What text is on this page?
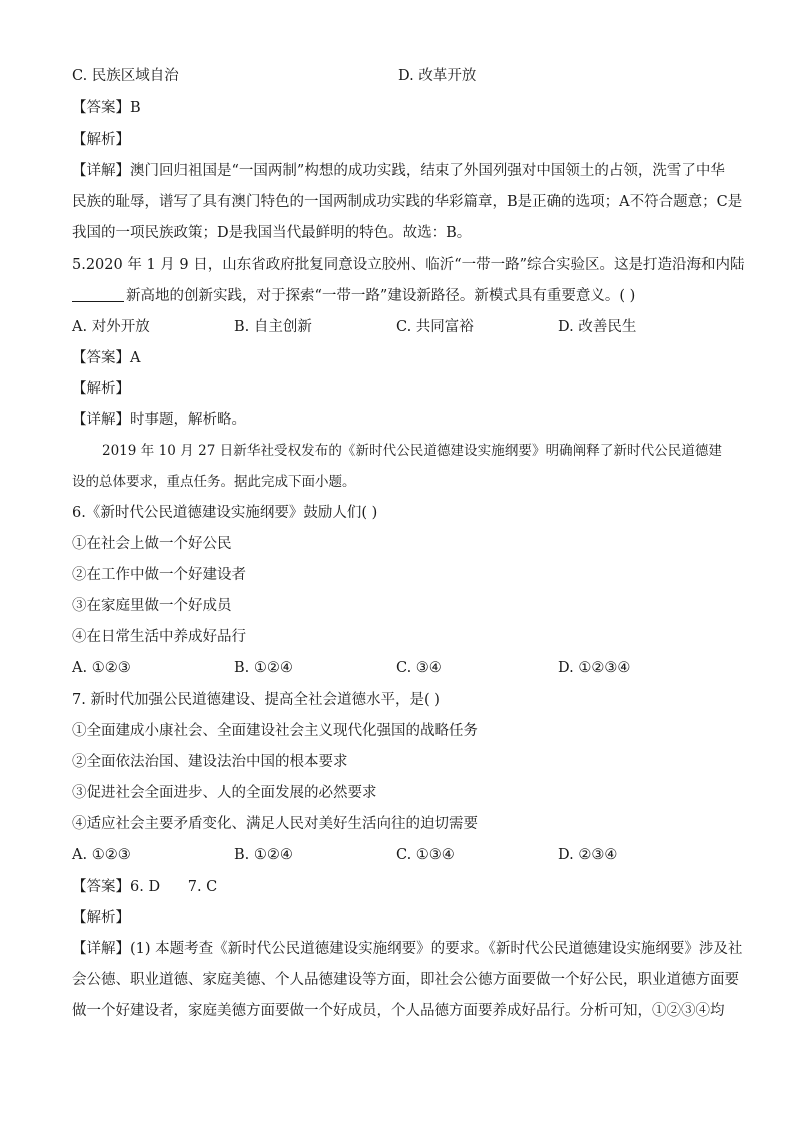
C. 民族区域自治	D. 改革开放
【答案】B
【解析】
【详解】澳门回归祖国是“一国两制”构想的成功实践，结束了外国列强对中国领土的占领，洗雪了中华
民族的耻辱，谱写了具有澳门特色的一国两制成功实践的华彩篇章，B是正确的选项；A不符合题意；C是
我国的一项民族政策；D是我国当代最鲜明的特色。故选：B。
5.2020 年 1 月 9 日，山东省政府批复同意设立胶州、临沂“一带一路”综合实验区。这是打造沿海和内陆
新高地的创新实践，对于探索“一带一路”建设新路径。新模式具有重要意义。( )
A. 对外开放	B. 自主创新	C. 共同富裕	D. 改善民生
【答案】A
【解析】
【详解】时事题，解析略。
2019 年 10 月 27 日新华社受权发布的《新时代公民道德建设实施纲要》明确阐释了新时代公民道德建
设的总体要求，重点任务。据此完成下面小题。
6.《新时代公民道德建设实施纲要》鼓励人们( )
①在社会上做一个好公民
②在工作中做一个好建设者
③在家庭里做一个好成员
④在日常生活中养成好品行
A. ①②③	B. ①②④	C. ③④	D. ①②③④
7. 新时代加强公民道德建设、提高全社会道德水平，是( )
①全面建成小康社会、全面建设社会主义现代化强国的战略任务
②全面依法治国、建设法治中国的根本要求
③促进社会全面进步、人的全面发展的必然要求
④适应社会主要矛盾变化、满足人民对美好生活向往的迫切需要
A. ①②③	B. ①②④	C. ①③④	D. ②③④
【答案】6. D      7. C
【解析】
【详解】(1) 本题考查《新时代公民道德建设实施纲要》的要求。《新时代公民道德建设实施纲要》涉及社
会公德、职业道德、家庭美德、个人品德建设等方面，即社会公德方面要做一个好公民，职业道德方面要
做一个好建设者，家庭美德方面要做一个好成员，个人品德方面要养成好品行。分析可知，①②③④均
